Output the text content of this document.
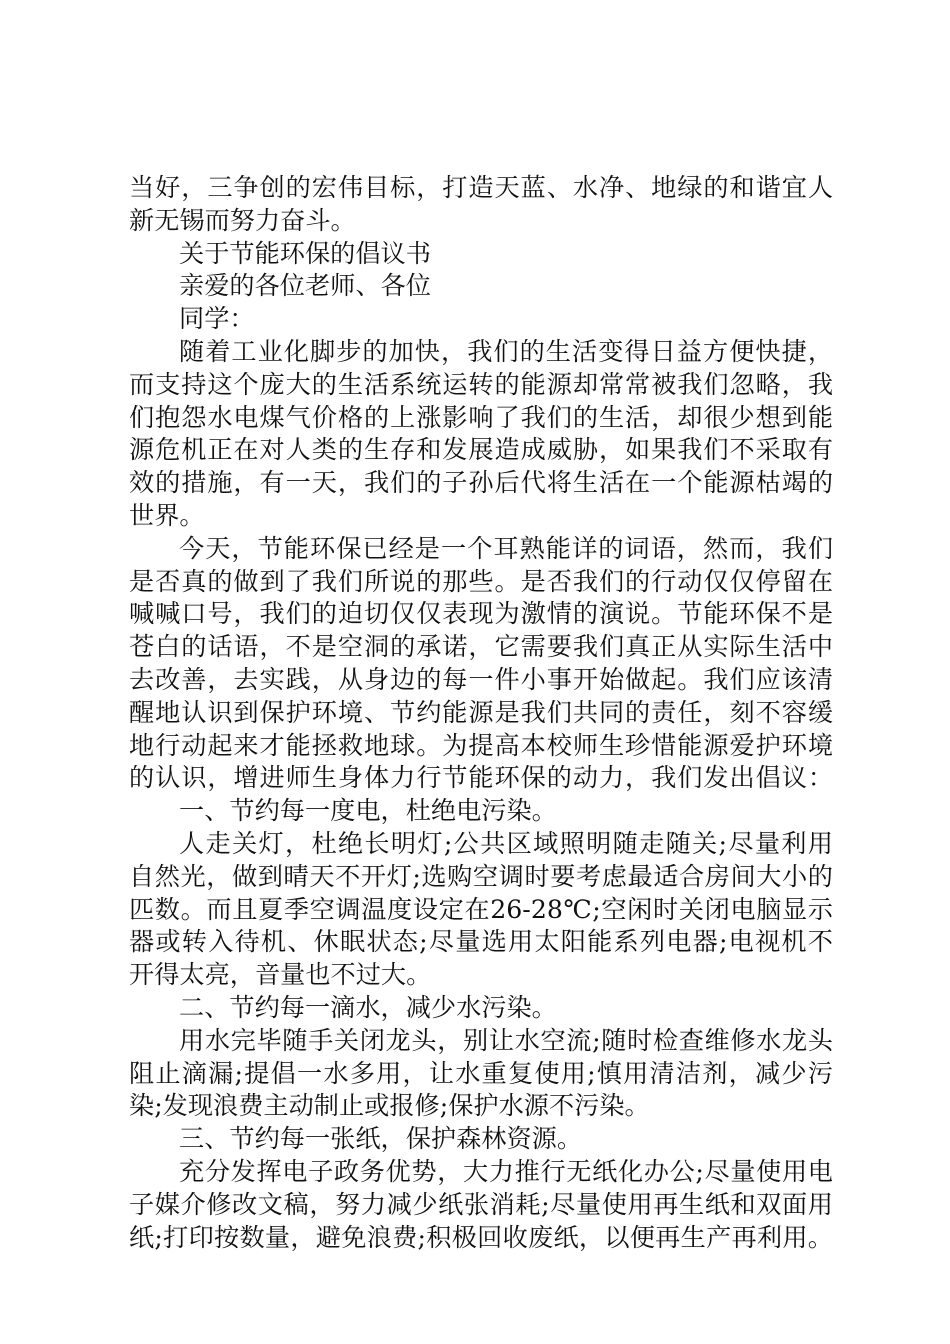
当好，三争创的宏伟目标，打造天蓝、水净、地绿的和谐宜人
新无锡而努力奋斗。
关于节能环保的倡议书
亲爱的各位老师、各位
同学：
随着工业化脚步的加快，我们的生活变得日益方便快捷，
而支持这个庞大的生活系统运转的能源却常常被我们忽略，我
们抱怨水电煤气价格的上涨影响了我们的生活，却很少想到能
源危机正在对人类的生存和发展造成威胁，如果我们不采取有
效的措施，有一天，我们的子孙后代将生活在一个能源枯竭的
世界。
今天，节能环保已经是一个耳熟能详的词语，然而，我们
是否真的做到了我们所说的那些。是否我们的行动仅仅停留在
喊喊口号，我们的迫切仅仅表现为激情的演说。节能环保不是
苍白的话语，不是空洞的承诺，它需要我们真正从实际生活中
去改善，去实践，从身边的每一件小事开始做起。我们应该清
醒地认识到保护环境、节约能源是我们共同的责任，刻不容缓
地行动起来才能拯救地球。为提高本校师生珍惜能源爱护环境
的认识，增进师生身体力行节能环保的动力，我们发出倡议：
一、节约每一度电，杜绝电污染。
人走关灯，杜绝长明灯;公共区域照明随走随关;尽量利用
自然光，做到晴天不开灯;选购空调时要考虑最适合房间大小的
匹数。而且夏季空调温度设定在26-28℃;空闲时关闭电脑显示
器或转入待机、休眠状态;尽量选用太阳能系列电器;电视机不
开得太亮，音量也不过大。
二、节约每一滴水，减少水污染。
用水完毕随手关闭龙头，别让水空流;随时检查维修水龙头
阻止滴漏;提倡一水多用，让水重复使用;慎用清洁剂，减少污
染;发现浪费主动制止或报修;保护水源不污染。
三、节约每一张纸，保护森林资源。
充分发挥电子政务优势，大力推行无纸化办公;尽量使用电
子媒介修改文稿，努力减少纸张消耗;尽量使用再生纸和双面用
纸;打印按数量，避免浪费;积极回收废纸，以便再生产再利用。
